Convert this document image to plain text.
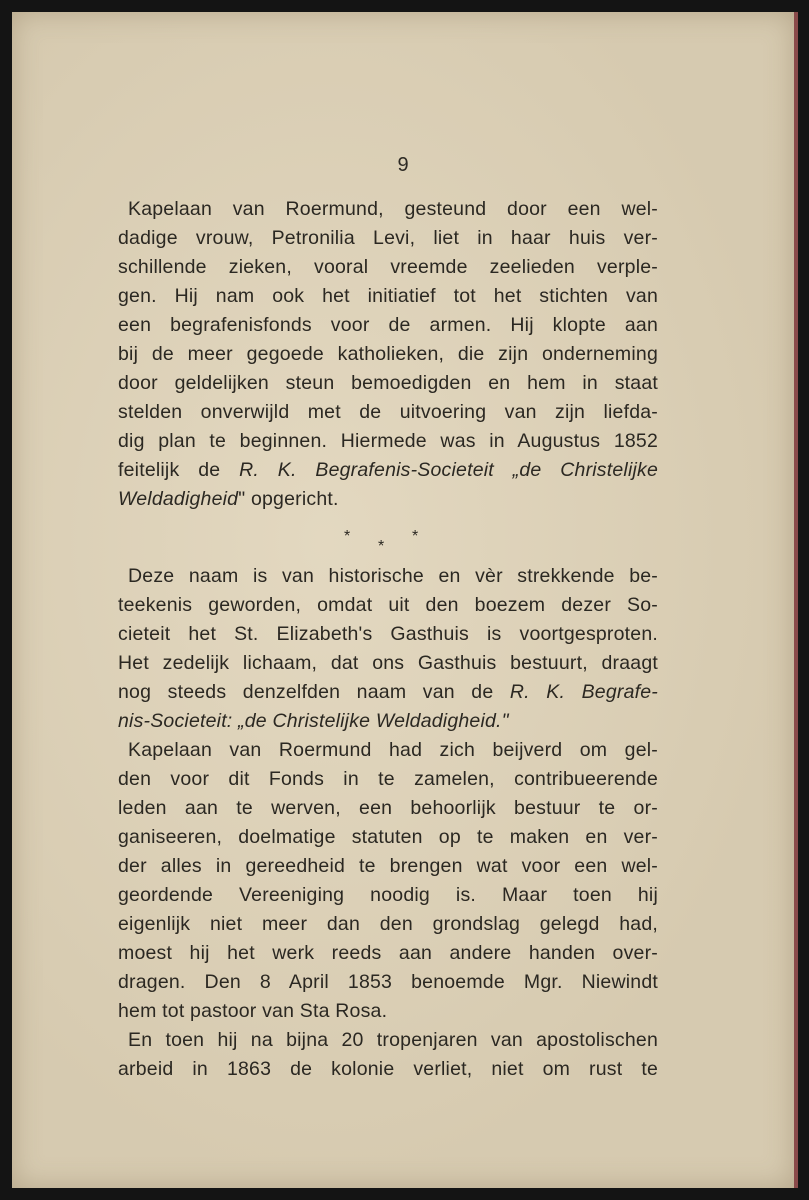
9
Kapelaan van Roermund, gesteund door een wel-
dadige vrouw, Petronilia Levi, liet in haar huis ver-
schillende zieken, vooral vreemde zeelieden verple-
gen. Hij nam ook het initiatief tot het stichten van
een begrafenisfonds voor de armen. Hij klopte aan
bij de meer gegoede katholieken, die zijn onderneming
door geldelijken steun bemoedigden en hem in staat
stelden onverwijld met de uitvoering van zijn liefda-
dig plan te beginnen. Hiermede was in Augustus 1852
feitelijk de R. K. Begrafenis-Societeit „de Christelijke
Weldadigheid" opgericht.
*
*
*
Deze naam is van historische en vèr strekkende be-
teekenis geworden, omdat uit den boezem dezer So-
cieteit het St. Elizabeth's Gasthuis is voortgesproten.
Het zedelijk lichaam, dat ons Gasthuis bestuurt, draagt
nog steeds denzelfden naam van de R. K. Begrafe-
nis-Societeit: „de Christelijke Weldadigheid."
Kapelaan van Roermund had zich beijverd om gel-
den voor dit Fonds in te zamelen, contribueerende
leden aan te werven, een behoorlijk bestuur te or-
ganiseeren, doelmatige statuten op te maken en ver-
der alles in gereedheid te brengen wat voor een wel-
geordende Vereeniging noodig is. Maar toen hij
eigenlijk niet meer dan den grondslag gelegd had,
moest hij het werk reeds aan andere handen over-
dragen. Den 8 April 1853 benoemde Mgr. Niewindt
hem tot pastoor van Sta Rosa.
En toen hij na bijna 20 tropenjaren van apostolischen
arbeid in 1863 de kolonie verliet, niet om rust te
